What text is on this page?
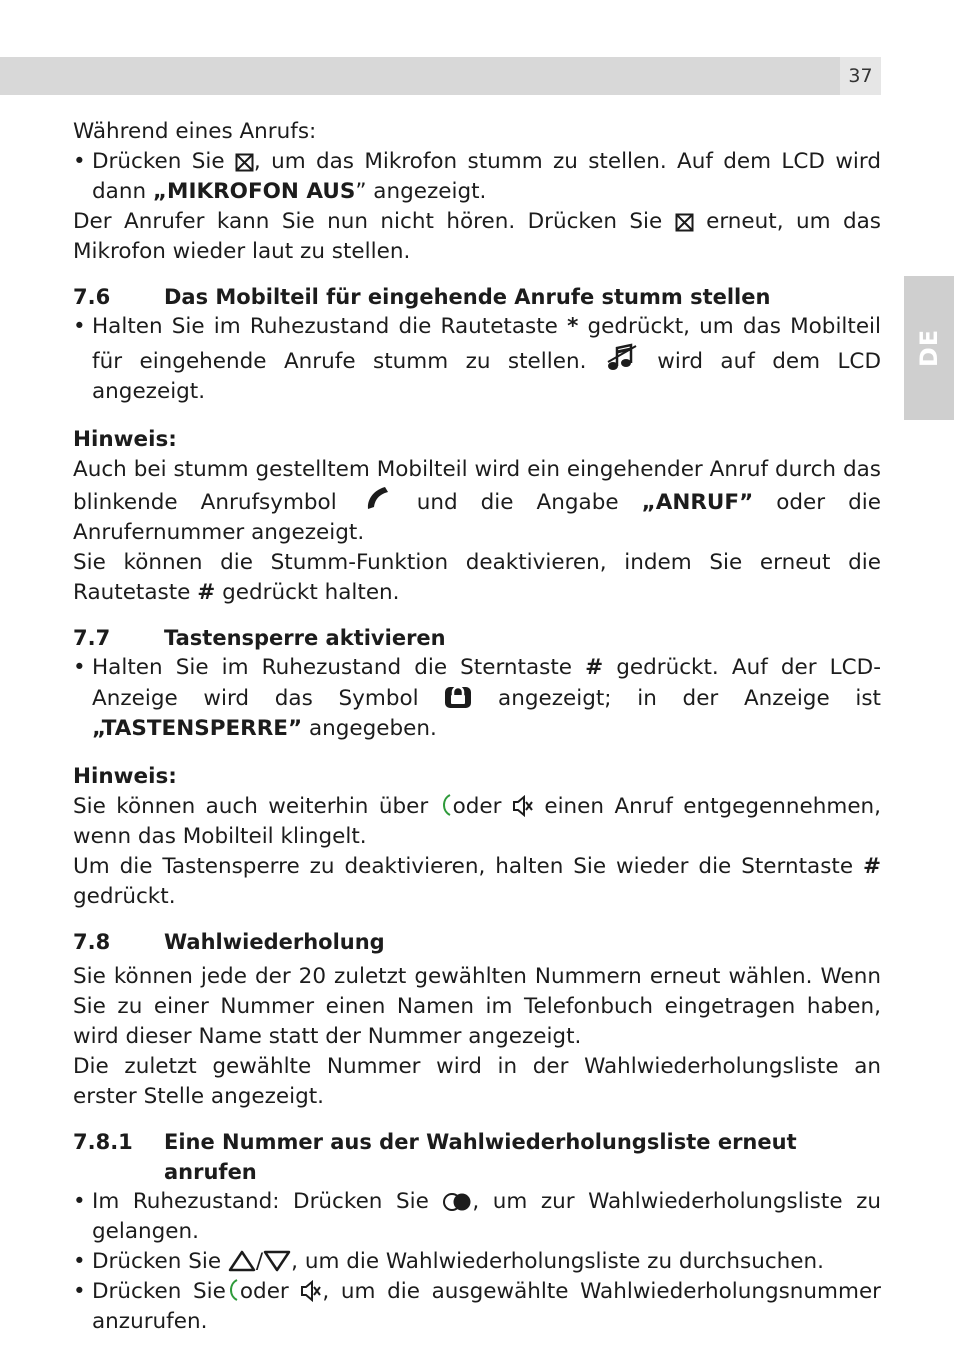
37
DE

Während eines Anrufs:

• Drücken Sie , um das Mikrofon stumm zu stellen. Auf dem LCD wird dann „MIKROFON AUS” angezeigt.

Der Anrufer kann Sie nun nicht hören. Drücken Sie
erneut, um das Mikrofon wieder laut zu stellen.

7.6	Das Mobilteil für eingehende Anrufe stumm stellen
• Halten Sie im Ruhezustand die Rautetaste * gedrückt, um das Mobilteil für eingehende Anrufe stumm zu stellen.
wird auf dem LCD angezeigt.

Hinweis:

Auch bei stumm gestelltem Mobilteil wird ein eingehender Anruf durch das blinkende Anrufsymbol
und die Angabe „ANRUF” oder die Anrufernummer angezeigt.

Sie können die Stumm-Funktion deaktivieren, indem Sie erneut die Rautetaste # gedrückt halten.

7.7	Tastensperre aktivieren
• Halten Sie im Ruhezustand die Sterntaste # gedrückt. Auf der LCD-Anzeige wird das Symbol
angezeigt; in der Anzeige ist „TASTENSPERRE” angegeben.

Hinweis:

Sie können auch weiterhin über
oder
einen Anruf entgegennehmen, wenn das Mobilteil klingelt.

Um die Tastensperre zu deaktivieren, halten Sie wieder die Sterntaste # gedrückt.

7.8	Wahlwiederholung

Sie können jede der 20 zuletzt gewählten Nummern erneut wählen. Wenn Sie zu einer Nummer einen Namen im Telefonbuch eingetragen haben, wird dieser Name statt der Nummer angezeigt.

Die zuletzt gewählte Nummer wird in der Wahlwiederholungsliste an erster Stelle angezeigt.

7.8.1	Eine Nummer aus der Wahlwiederholungsliste erneut anrufen
• Im Ruhezustand: Drücken Sie
, um zur Wahlwiederholungsliste zu gelangen.
• Drücken Sie
/ , um die Wahlwiederholungsliste zu durchsuchen.
• Drücken Sie oder
, um die ausgewählte Wahlwiederholungsnummer anzurufen.
